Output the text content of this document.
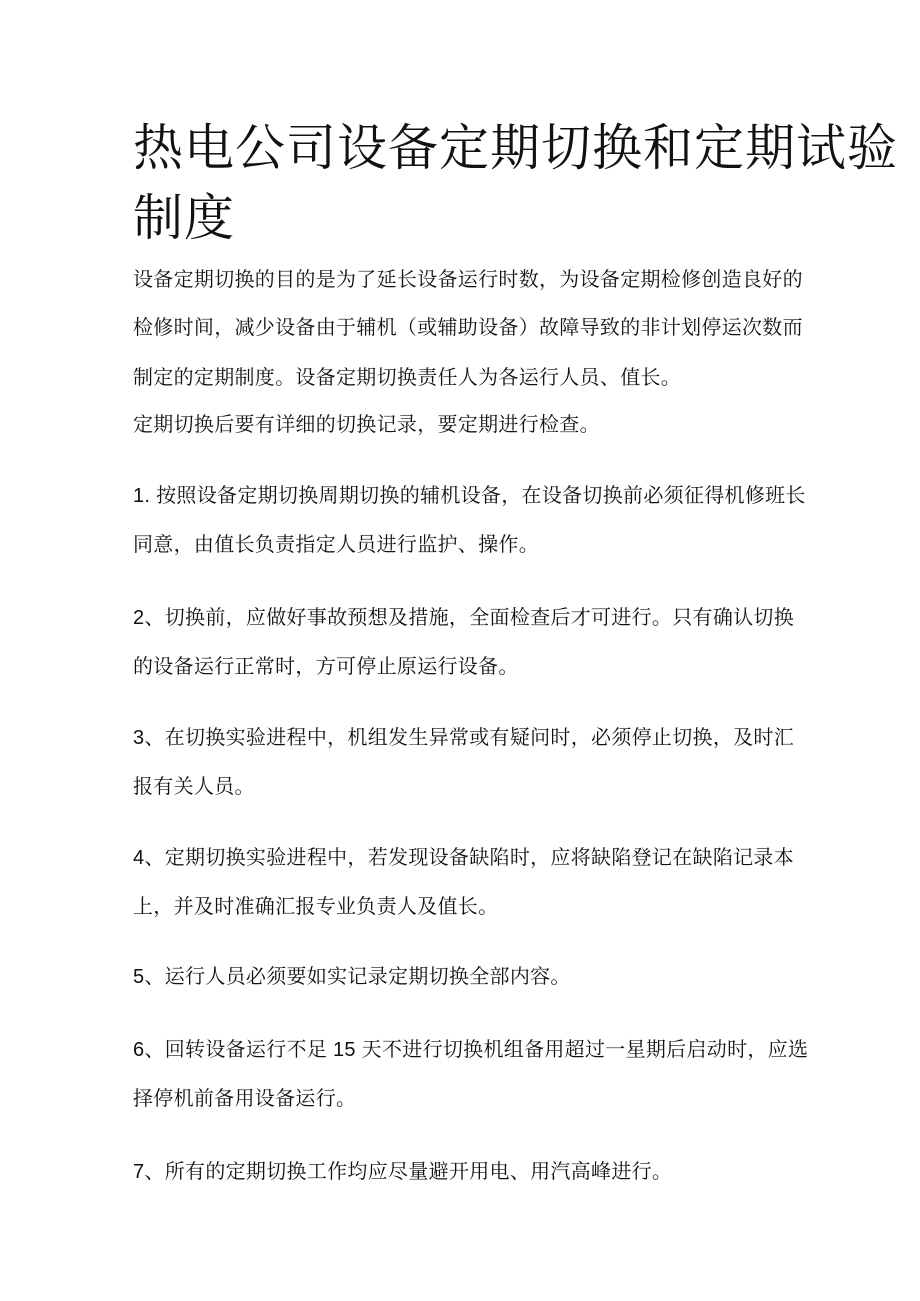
热电公司设备定期切换和定期试验
制度
设备定期切换的目的是为了延长设备运行时数，为设备定期检修创造良好的
检修时间，减少设备由于辅机（或辅助设备）故障导致的非计划停运次数而
制定的定期制度。设备定期切换责任人为各运行人员、值长。
定期切换后要有详细的切换记录，要定期进行检查。
1. 按照设备定期切换周期切换的辅机设备，在设备切换前必须征得机修班长
同意，由值长负责指定人员进行监护、操作。
2、切换前，应做好事故预想及措施，全面检查后才可进行。只有确认切换
的设备运行正常时，方可停止原运行设备。
3、在切换实验进程中，机组发生异常或有疑问时，必须停止切换，及时汇
报有关人员。
4、定期切换实验进程中，若发现设备缺陷时，应将缺陷登记在缺陷记录本
上，并及时准确汇报专业负责人及值长。
5、运行人员必须要如实记录定期切换全部内容。
6、回转设备运行不足 15 天不进行切换机组备用超过一星期后启动时，应选
择停机前备用设备运行。
7、所有的定期切换工作均应尽量避开用电、用汽高峰进行。
